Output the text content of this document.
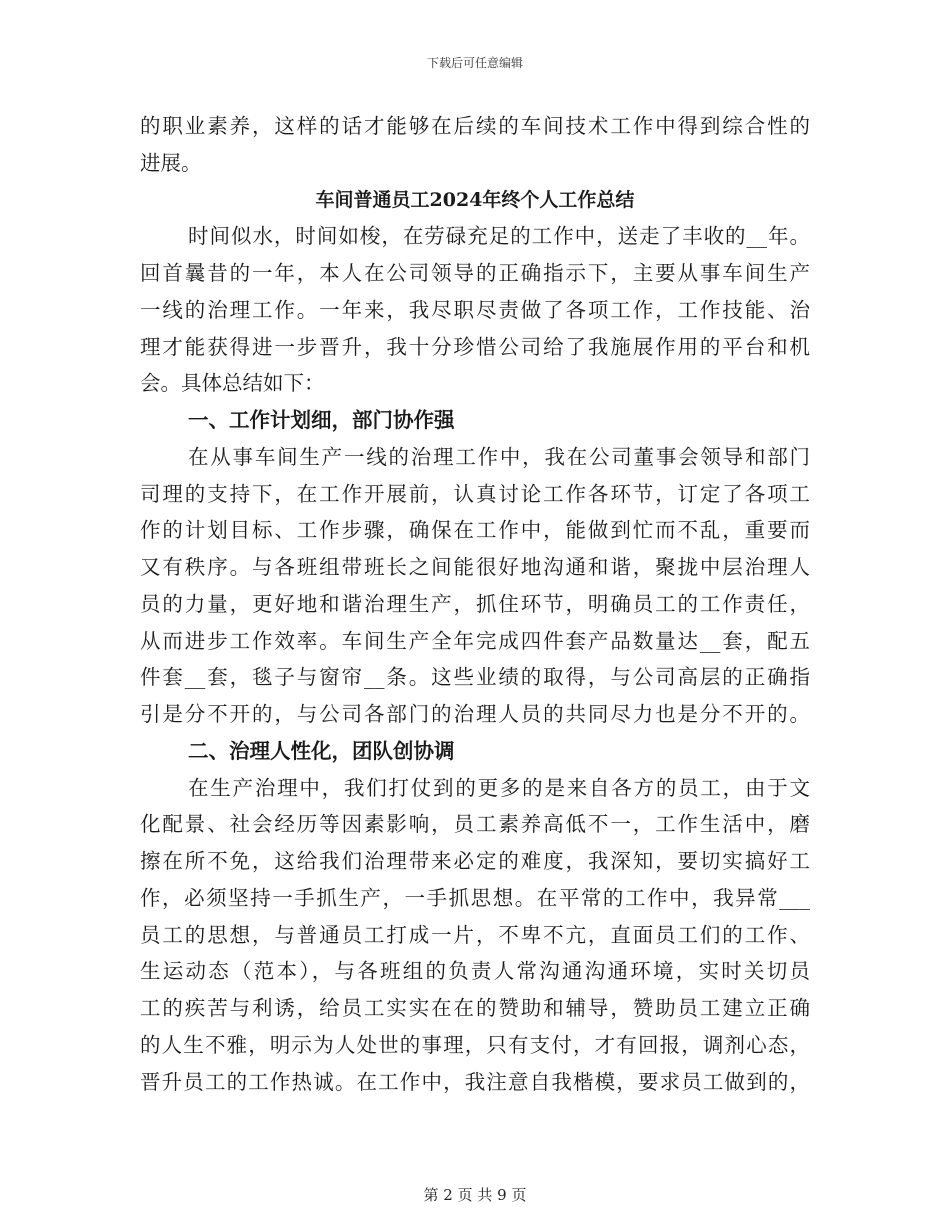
下载后可任意编辑
的职业素养，这样的话才能够在后续的车间技术工作中得到综合性的
进展。
车间普通员工2024年终个人工作总结
时间似水，时间如梭，在劳碌充足的工作中，送走了丰收的__年。
回首曩昔的一年，本人在公司领导的正确指示下，主要从事车间生产
一线的治理工作。一年来，我尽职尽责做了各项工作，工作技能、治
理才能获得进一步晋升，我十分珍惜公司给了我施展作用的平台和机
会。具体总结如下：
一、工作计划细，部门协作强
在从事车间生产一线的治理工作中，我在公司董事会领导和部门
司理的支持下，在工作开展前，认真讨论工作各环节，订定了各项工
作的计划目标、工作步骤，确保在工作中，能做到忙而不乱，重要而
又有秩序。与各班组带班长之间能很好地沟通和谐，聚拢中层治理人
员的力量，更好地和谐治理生产，抓住环节，明确员工的工作责任，
从而进步工作效率。车间生产全年完成四件套产品数量达__套，配五
件套__套，毯子与窗帘__条。这些业绩的取得，与公司高层的正确指
引是分不开的，与公司各部门的治理人员的共同尽力也是分不开的。
二、治理人性化，团队创协调
在生产治理中，我们打仗到的更多的是来自各方的员工，由于文
化配景、社会经历等因素影响，员工素养高低不一，工作生活中，磨
擦在所不免，这给我们治理带来必定的难度，我深知，要切实搞好工
作，必须坚持一手抓生产，一手抓思想。在平常的工作中，我异常___
员工的思想，与普通员工打成一片，不卑不亢，直面员工们的工作、
生运动态（范本），与各班组的负责人常沟通沟通环境，实时关切员
工的疾苦与利诱，给员工实实在在的赞助和辅导，赞助员工建立正确
的人生不雅，明示为人处世的事理，只有支付，才有回报，调剂心态，
晋升员工的工作热诚。在工作中，我注意自我楷模，要求员工做到的，
第 2 页 共 9 页
